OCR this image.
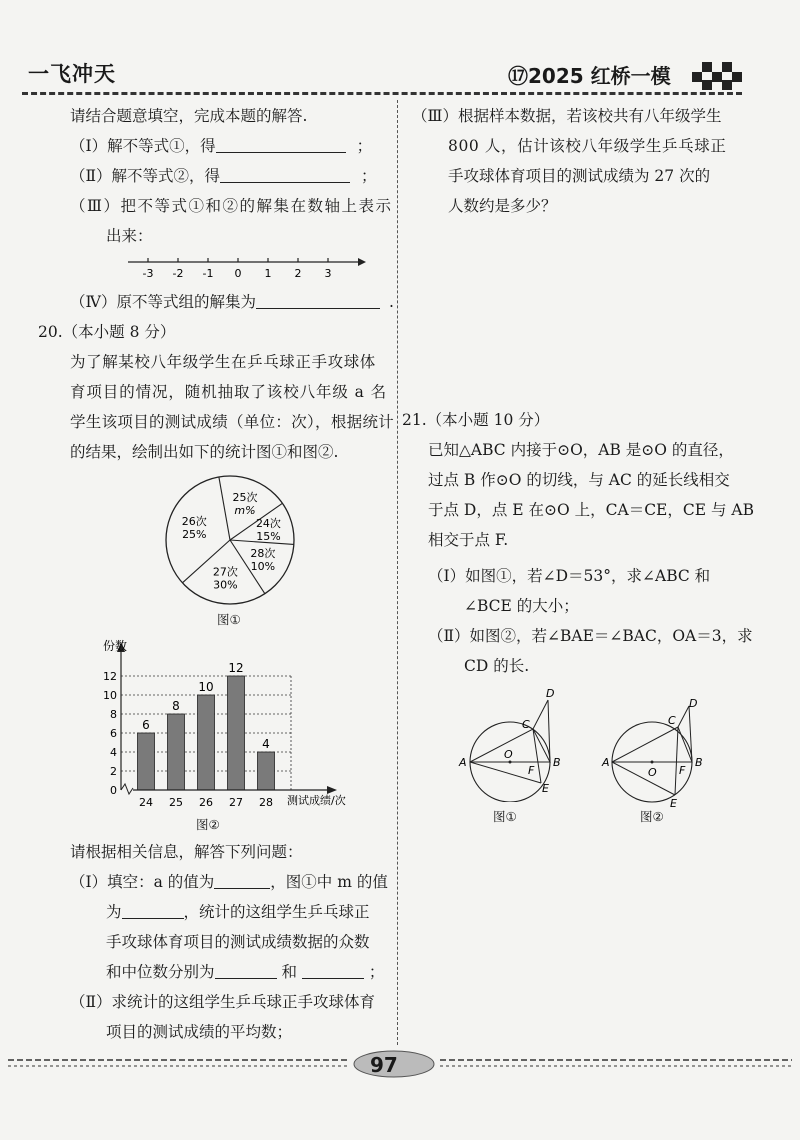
一飞冲天	⑰2025 红桥一模
请结合题意填空，完成本题的解答.
（Ⅰ）解不等式①，得	；
（Ⅱ）解不等式②，得	；
（Ⅲ）把不等式①和②的解集在数轴上表示
出来：
-3 -2 -1 0 1 2 3
（Ⅳ）原不等式组的解集为	.
20.（本小题 8 分）
为了解某校八年级学生在乒乓球正手攻球体
育项目的情况，随机抽取了该校八年级 a 名
学生该项目的测试成绩（单位：次），根据统计
的结果，绘制出如下的统计图①和图②.
25次
m%
24次
15%
28次
10%
27次
30%
26次
25%
图①
0
2
4
6
8
10
12
6
24
8
25
10
26
12
27
4
28
份数
测试成绩/次
图②
请根据相关信息，解答下列问题：
（Ⅰ）填空：a 的值为	，图①中 m 的值
为	，统计的这组学生乒乓球正
手攻球体育项目的测试成绩数据的众数
和中位数分别为	和	；
（Ⅱ）求统计的这组学生乒乓球正手攻球体育
项目的测试成绩的平均数；
（Ⅲ）根据样本数据，若该校共有八年级学生
800 人，估计该校八年级学生乒乓球正
手攻球体育项目的测试成绩为 27 次的
人数约是多少？
21.（本小题 10 分）
已知△ABC 内接于⊙O，AB 是⊙O 的直径，
过点 B 作⊙O 的切线，与 AC 的延长线相交
于点 D，点 E 在⊙O 上，CA＝CE，CE 与 AB
相交于点 F.
（Ⅰ）如图①，若∠D＝53°，求∠ABC 和
∠BCE 的大小；
（Ⅱ）如图②，若∠BAE＝∠BAC，OA＝3，求
CD 的长.
A	B
C
D
E
F
O
图①
A	B
C
D
E
F
O
图②
97
